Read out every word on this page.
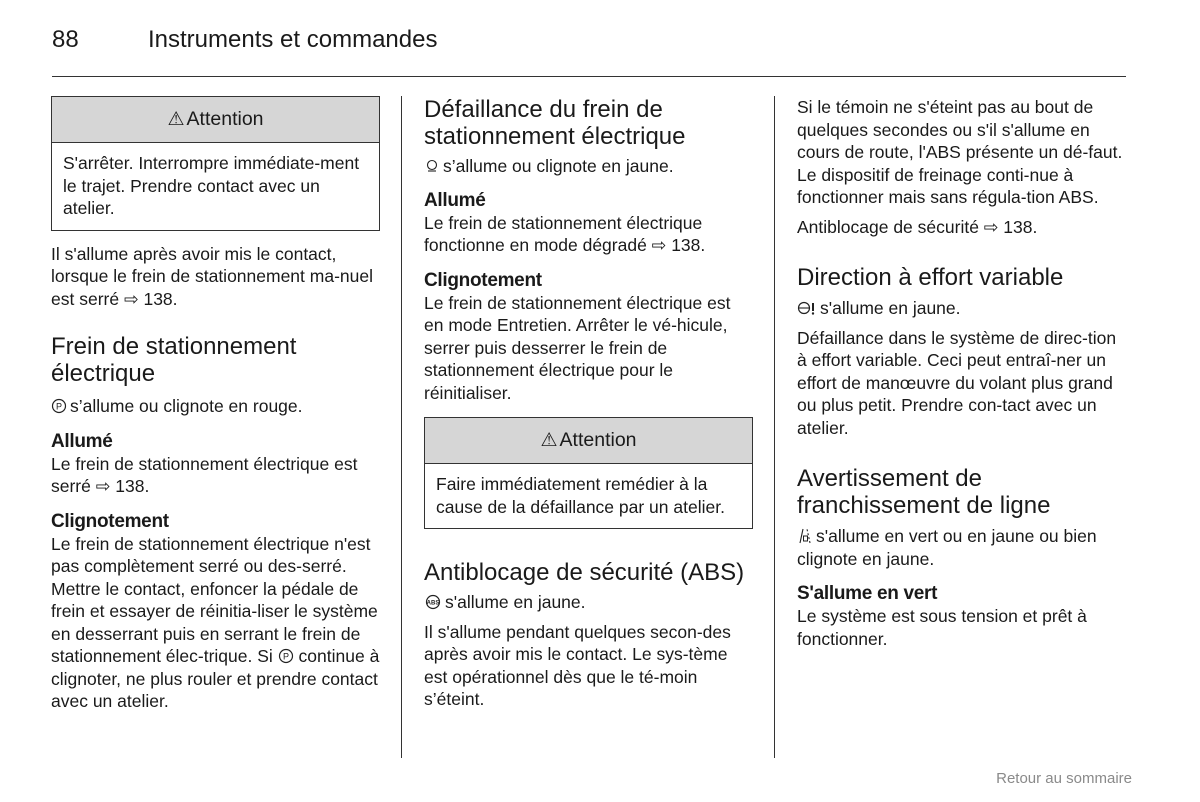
88	Instruments et commandes
⚠ Attention

S'arrêter. Interrompre immédiate-ment le trajet. Prendre contact avec un atelier.

Il s'allume après avoir mis le contact, lorsque le frein de stationnement ma-nuel est serré ⇨ 138.

Frein de stationnement électrique

P s’allume ou clignote en rouge.

Allumé

Le frein de stationnement électrique est serré ⇨ 138.

Clignotement

Le frein de stationnement électrique n'est pas complètement serré ou des-serré. Mettre le contact, enfoncer la pédale de frein et essayer de réinitia-liser le système en desserrant puis en serrant le frein de stationnement élec-trique. Si P continue à clignoter, ne plus rouler et prendre contact avec un atelier.

Défaillance du frein de stationnement électrique

s’allume ou clignote en jaune.

Allumé

Le frein de stationnement électrique fonctionne en mode dégradé ⇨ 138.

Clignotement

Le frein de stationnement électrique est en mode Entretien. Arrêter le vé-hicule, serrer puis desserrer le frein de stationnement électrique pour le réinitialiser.

⚠ Attention

Faire immédiatement remédier à la cause de la défaillance par un atelier.

Antiblocage de sécurité (ABS)

ABS s'allume en jaune.

Il s'allume pendant quelques secon-des après avoir mis le contact. Le sys-tème est opérationnel dès que le té-moin s’éteint.

Si le témoin ne s'éteint pas au bout de quelques secondes ou s'il s'allume en cours de route, l'ABS présente un dé-faut. Le dispositif de freinage conti-nue à fonctionner mais sans régula-tion ABS.

Antiblocage de sécurité ⇨ 138.

Direction à effort variable

s'allume en jaune.

Défaillance dans le système de direc-tion à effort variable. Ceci peut entraî-ner un effort de manœuvre du volant plus grand ou plus petit. Prendre con-tact avec un atelier.

Avertissement de franchissement de ligne

s'allume en vert ou en jaune ou bien clignote en jaune.

S'allume en vert

Le système est sous tension et prêt à fonctionner.

Retour au sommaire
